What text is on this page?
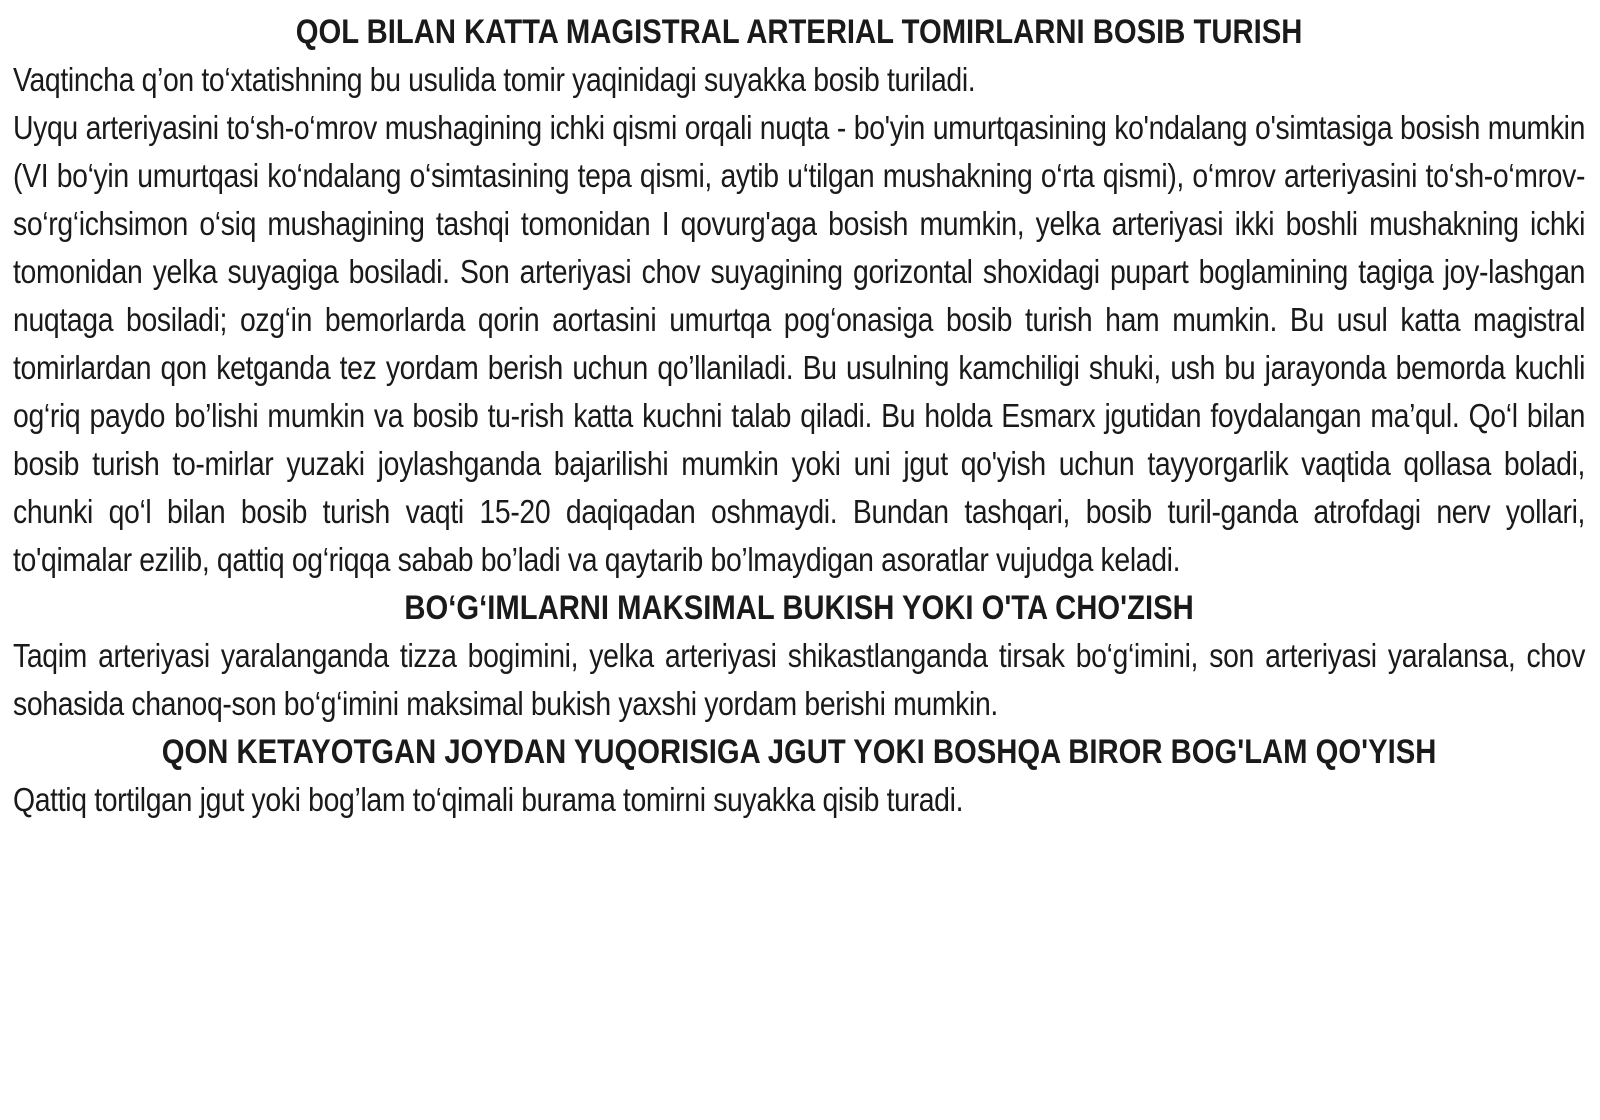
QOL BILAN KATTA MAGISTRAL ARTERIAL TOMIRLARNI BOSIB TURISH

Vaqtincha q’on to‘xtatishning bu usulida tomir yaqinidagi suyakka bosib turiladi.

Uyqu arteriyasini to‘sh-o‘mrov mushagining ichki qismi orqali nuqta - bo'yin umurtqasining ko'ndalang o'simtasiga bosish mumkin (VI bo‘yin umurtqasi ko‘ndalang o‘simtasining tepa qismi, aytib u‘tilgan mushakning o‘rta qismi), o‘mrov arteriyasini to‘sh-o‘mrov-so‘rg‘ichsimon o‘siq mushagining tashqi tomonidan I qovurg'aga bosish mumkin, yelka arteriyasi ikki boshli mushakning ichki tomonidan yelka suyagiga bosiladi. Son arteriyasi chov suyagining gorizontal shoxidagi pupart boglamining tagiga joy-lashgan nuqtaga bosiladi; ozg‘in bemorlarda qorin aortasini umurtqa pog‘onasiga bosib turish ham mumkin. Bu usul katta magistral tomirlardan qon ketganda tez yordam berish uchun qo’llaniladi. Bu usulning kamchiligi shuki, ush bu jarayonda bemorda kuchli og‘riq paydo bo’lishi mumkin va bosib tu-rish katta kuchni talab qiladi. Bu holda Esmarx jgutidan foydalangan ma’qul. Qo‘l bilan bosib turish to-mirlar yuzaki joylashganda bajarilishi mumkin yoki uni jgut qo'yish uchun tayyorgarlik vaqtida qollasa boladi, chunki qo‘l bilan bosib turish vaqti 15-20 daqiqadan oshmaydi. Bundan tashqari, bosib turil-ganda atrofdagi nerv yollari, to'qimalar ezilib, qattiq og‘riqqa sabab bo’ladi va qaytarib bo’lmaydigan asoratlar vujudga keladi.

BO‘G‘IMLARNI MAKSIMAL BUKISH YOKI O'TA CHO'ZISH

Taqim arteriyasi yaralanganda tizza bogimini, yelka arteriyasi shikastlanganda tirsak bo‘g‘imini, son arteriyasi yaralansa, chov sohasida chanoq-son bo‘g‘imini maksimal bukish yaxshi yordam berishi mumkin.

QON KETAYOTGAN JOYDAN YUQORISIGA JGUT YOKI BOSHQA BIROR BOG'LAM QO'YISH

Qattiq tortilgan jgut yoki bog’lam to‘qimali burama tomirni suyakka qisib turadi.
